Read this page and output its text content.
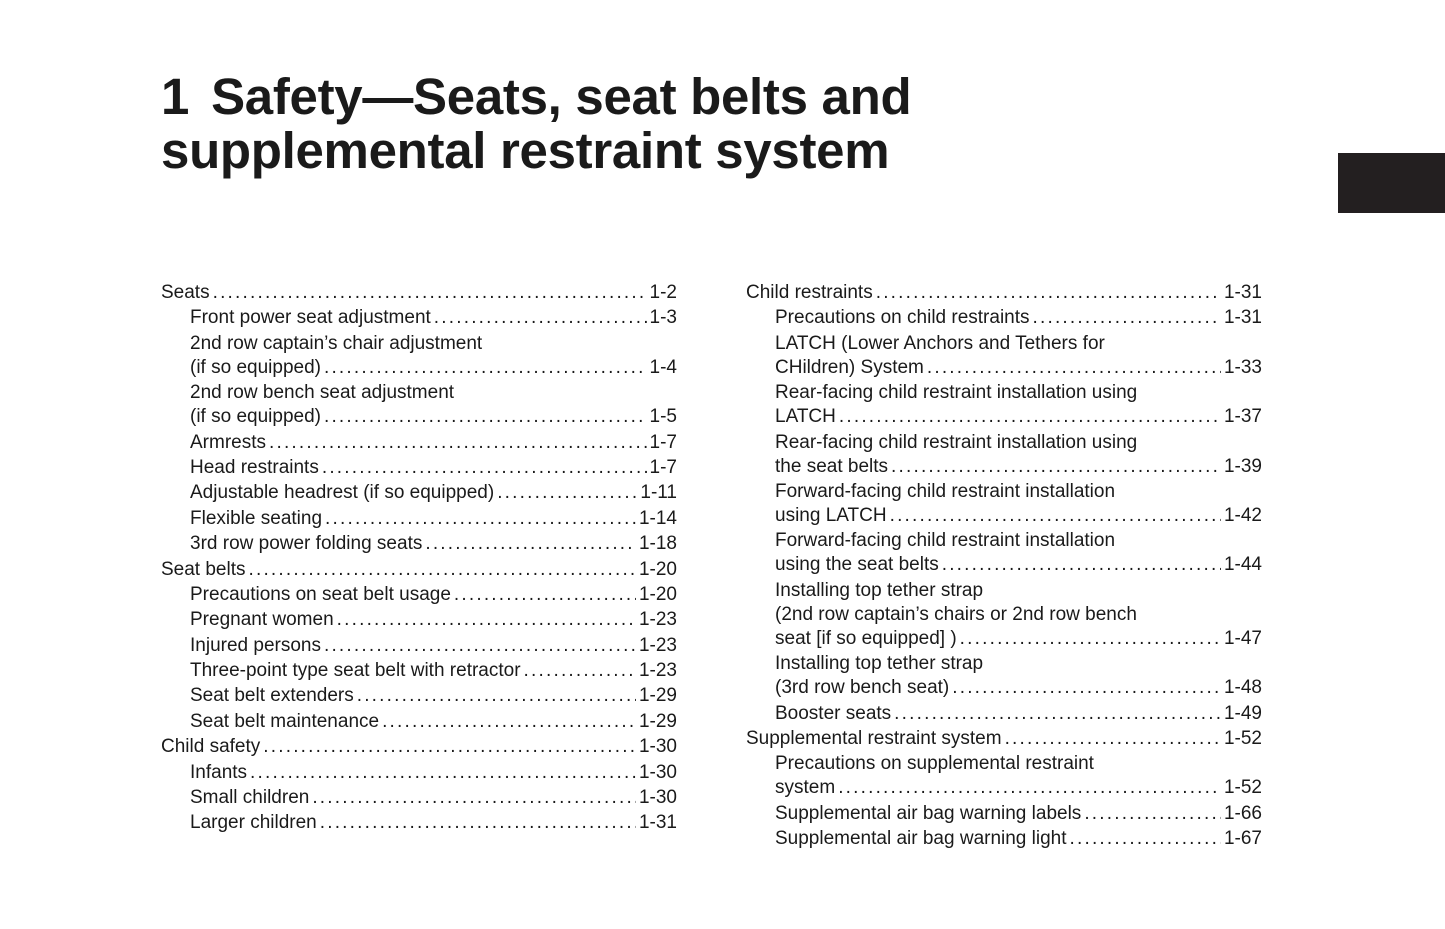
1 Safety—Seats, seat belts and
supplemental restraint system
Seats .....	1-2
Front power seat adjustment .....	1-3
2nd row captain’s chair adjustment
(if so equipped) .....	1-4
2nd row bench seat adjustment
(if so equipped) .....	1-5
Armrests .....	1-7
Head restraints .....	1-7
Adjustable headrest (if so equipped) .....	1-11
Flexible seating .....	1-14
3rd row power folding seats .....	1-18
Seat belts .....	1-20
Precautions on seat belt usage .....	1-20
Pregnant women .....	1-23
Injured persons .....	1-23
Three-point type seat belt with retractor .....	1-23
Seat belt extenders .....	1-29
Seat belt maintenance .....	1-29
Child safety .....	1-30
Infants .....	1-30
Small children .....	1-30
Larger children .....	1-31
Child restraints .....	1-31
Precautions on child restraints .....	1-31
LATCH (Lower Anchors and Tethers for
CHildren) System .....	1-33
Rear-facing child restraint installation using
LATCH .....	1-37
Rear-facing child restraint installation using
the seat belts .....	1-39
Forward-facing child restraint installation
using LATCH .....	1-42
Forward-facing child restraint installation
using the seat belts .....	1-44
Installing top tether strap
(2nd row captain’s chairs or 2nd row bench
seat [if so equipped] ) .....	1-47
Installing top tether strap
(3rd row bench seat) .....	1-48
Booster seats .....	1-49
Supplemental restraint system .....	1-52
Precautions on supplemental restraint
system .....	1-52
Supplemental air bag warning labels .....	1-66
Supplemental air bag warning light .....	1-67
